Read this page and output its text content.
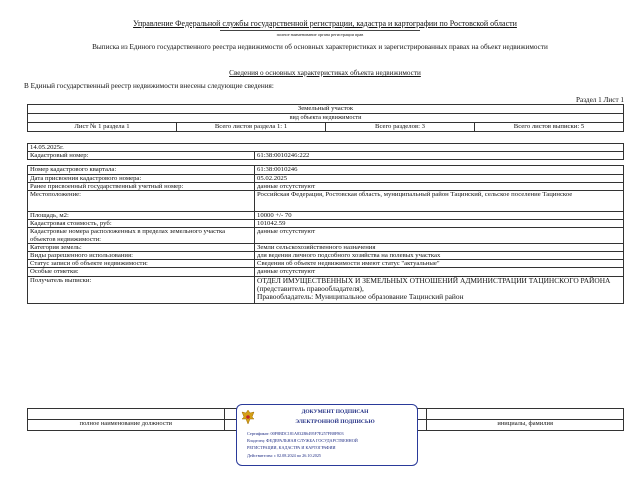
Управление Федеральной службы государственной регистрации, кадастра и картографии по Ростовской области
полное наименование органа регистрации прав
Выписка из Единого государственного реестра недвижимости об основных характеристиках и зарегистрированных правах на объект недвижимости
Сведения о основных характеристиках объекта недвижимости
В Единый государственный реестр недвижимости внесены следующие сведения:
Раздел 1 Лист 1
Земельный участок
вид объекта недвижимости
Лист № 1 раздела 1	Всего листов раздела 1: 1	Всего разделов: 3	Всего листов выписки: 5
14.05.2025г.	
Кадастровый номер:	61:38:0010246:222

Номер кадастрового квартала:	61:38:0010246
Дата присвоения кадастрового номера:	05.02.2025
Ранее присвоенный государственный учетный номер:	данные отсутствуют
Местоположение:	Российская Федерация, Ростовская область, муниципальный район Тацинский, сельское поселение Тацинское
Площадь, м2:	10000 +/- 70
Кадастровая стоимость, руб:	101042.59
Кадастровые номера расположенных в пределах земельного участка объектов недвижимости:	данные отсутствуют
Категория земель:	Земли сельскохозяйственного назначения
Виды разрешенного использования:	для ведения личного подсобного хозяйства на полевых участках
Статус записи об объекте недвижимости:	Сведения об объекте недвижимости имеют статус "актуальные"
Особые отметки:	данные отсутствуют
Получатель выписки:	ОТДЕЛ ИМУЩЕСТВЕННЫХ И ЗЕМЕЛЬНЫХ ОТНОШЕНИЙ АДМИНИСТРАЦИИ ТАЦИНСКОГО РАЙОНА (представитель правообладателя),
Правообладатель: Муниципальное образование Тацинский район

полное наименование должности				инициалы, фамилия
ДОКУМЕНТ ПОДПИСАН
ЭЛЕКТРОННОЙ ПОДПИСЬЮ
Сертификат: 00F8BDC181A832B6495F7E257FB8F803
Владелец: ФЕДЕРАЛЬНАЯ СЛУЖБА ГОСУДАРСТВЕННОЙ
РЕГИСТРАЦИИ, КАДАСТРА И КАРТОГРАФИИ
Действителен: с 02.08.2024 по 26.10.2025
